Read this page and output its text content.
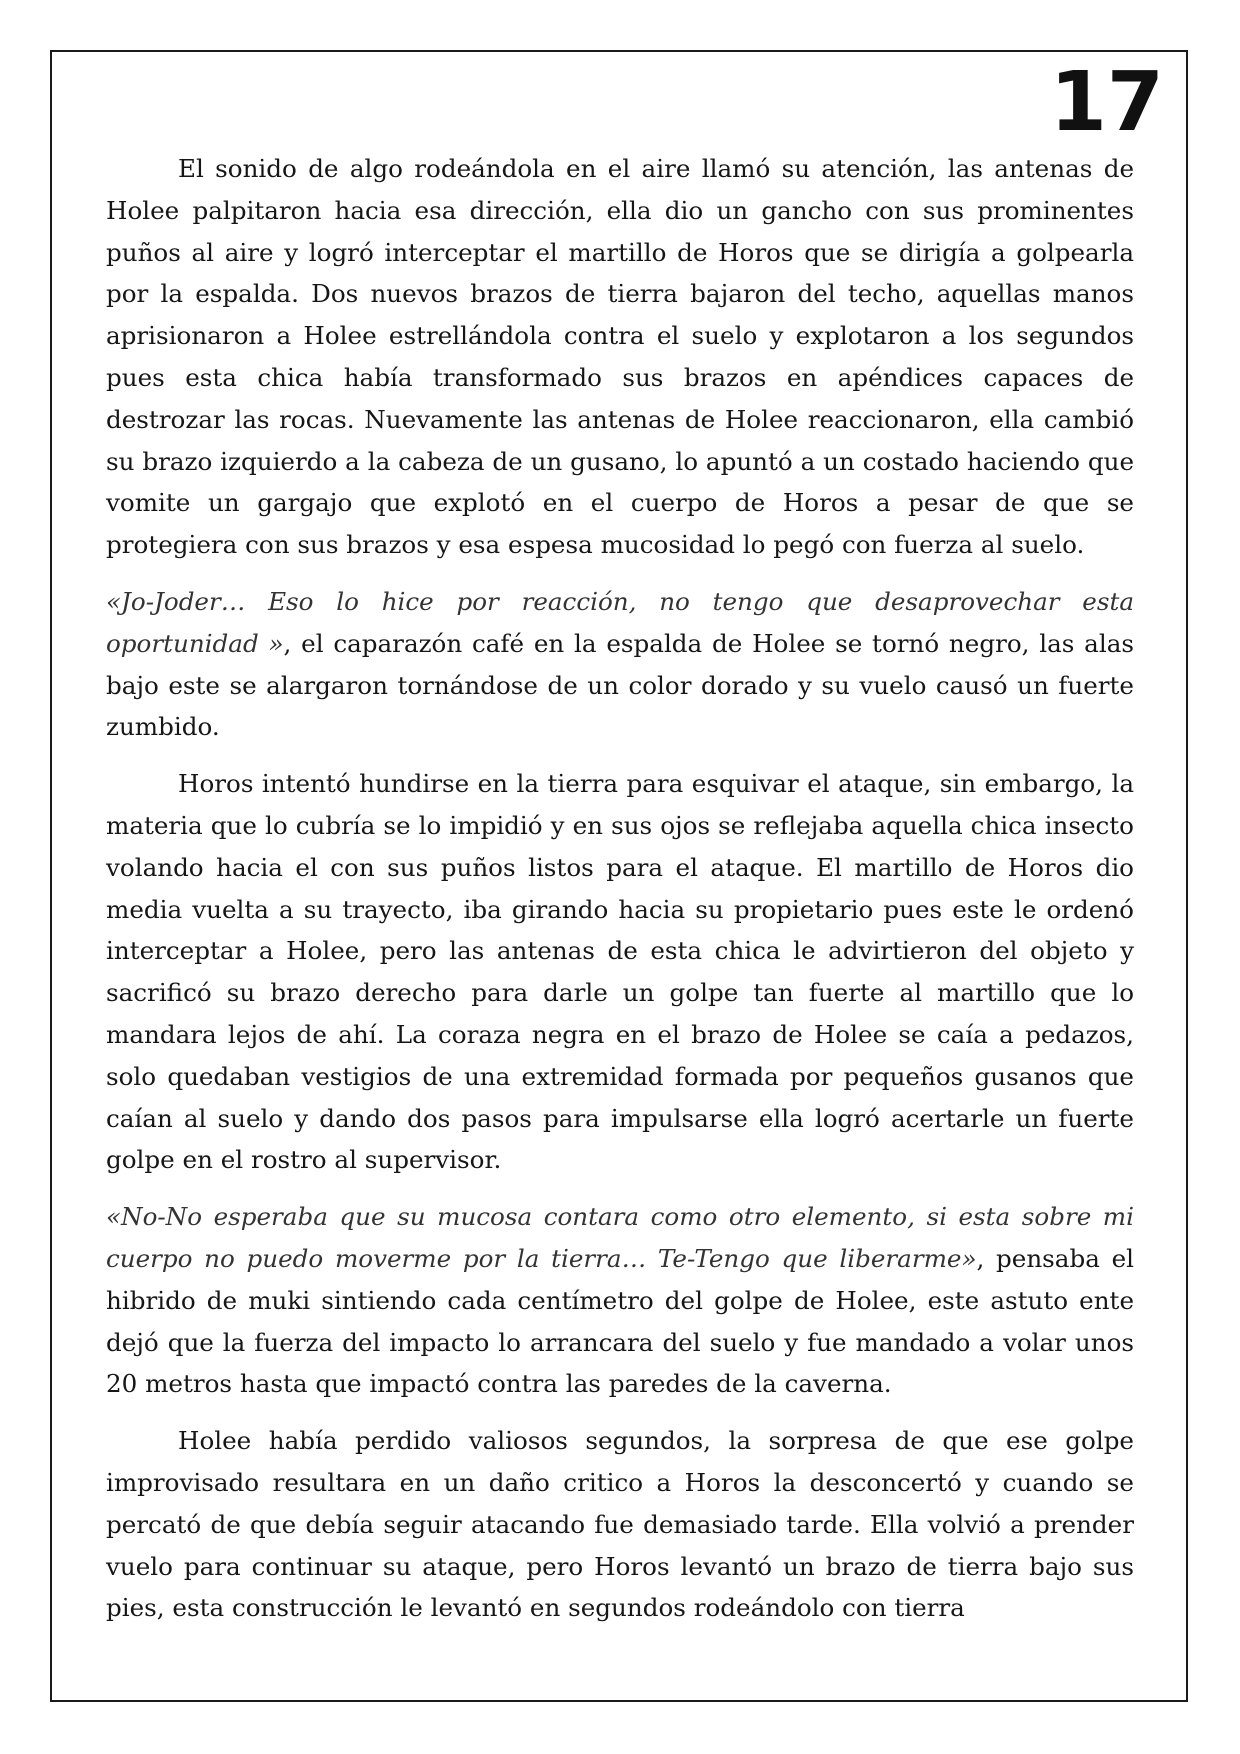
17

El sonido de algo rodeándola en el aire llamó su atención, las antenas de Holee palpitaron hacia esa dirección, ella dio un gancho con sus prominentes puños al aire y logró interceptar el martillo de Horos que se dirigía a golpearla por la espalda. Dos nuevos brazos de tierra bajaron del techo, aquellas manos aprisionaron a Holee estrellándola contra el suelo y explotaron a los segundos pues esta chica había transformado sus brazos en apéndices capaces de destrozar las rocas. Nuevamente las antenas de Holee reaccionaron, ella cambió su brazo izquierdo a la cabeza de un gusano, lo apuntó a un costado haciendo que vomite un gargajo que explotó en el cuerpo de Horos a pesar de que se protegiera con sus brazos y esa espesa mucosidad lo pegó con fuerza al suelo.

«Jo-Joder… Eso lo hice por reacción, no tengo que desaprovechar esta oportunidad », el caparazón café en la espalda de Holee se tornó negro, las alas bajo este se alargaron tornándose de un color dorado y su vuelo causó un fuerte zumbido.

Horos intentó hundirse en la tierra para esquivar el ataque, sin embargo, la materia que lo cubría se lo impidió y en sus ojos se reflejaba aquella chica insecto volando hacia el con sus puños listos para el ataque. El martillo de Horos dio media vuelta a su trayecto, iba girando hacia su propietario pues este le ordenó interceptar a Holee, pero las antenas de esta chica le advirtieron del objeto y sacrificó su brazo derecho para darle un golpe tan fuerte al martillo que lo mandara lejos de ahí. La coraza negra en el brazo de Holee se caía a pedazos, solo quedaban vestigios de una extremidad formada por pequeños gusanos que caían al suelo y dando dos pasos para impulsarse ella logró acertarle un fuerte golpe en el rostro al supervisor.

«No-No esperaba que su mucosa contara como otro elemento, si esta sobre mi cuerpo no puedo moverme por la tierra… Te-Tengo que liberarme», pensaba el hibrido de muki sintiendo cada centímetro del golpe de Holee, este astuto ente dejó que la fuerza del impacto lo arrancara del suelo y fue mandado a volar unos 20 metros hasta que impactó contra las paredes de la caverna.

Holee había perdido valiosos segundos, la sorpresa de que ese golpe improvisado resultara en un daño critico a Horos la desconcertó y cuando se percató de que debía seguir atacando fue demasiado tarde. Ella volvió a prender vuelo para continuar su ataque, pero Horos levantó un brazo de tierra bajo sus pies, esta construcción le levantó en segundos rodeándolo con tierra
